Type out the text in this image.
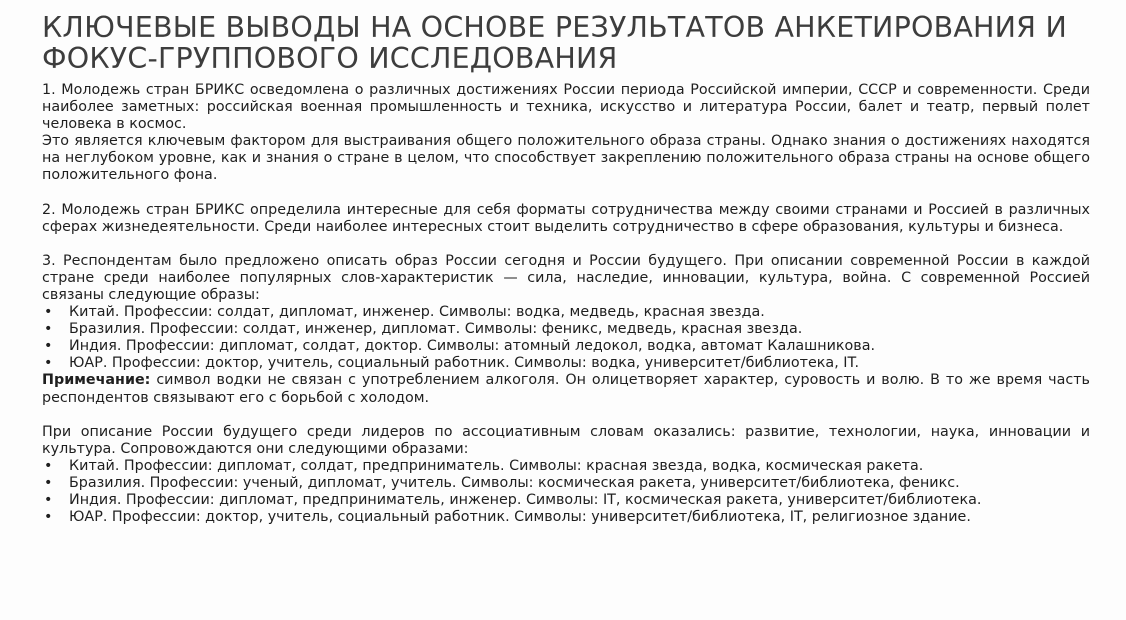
КЛЮЧЕВЫЕ ВЫВОДЫ НА ОСНОВЕ РЕЗУЛЬТАТОВ АНКЕТИРОВАНИЯ И ФОКУС-ГРУППОВОГО ИССЛЕДОВАНИЯ

1. Молодежь стран БРИКС осведомлена о различных достижениях России периода Российской империи, СССР и современности. Среди наиболее заметных: российская военная промышленность и техника, искусство и литература России, балет и театр, первый полет человека в космос.

Это является ключевым фактором для выстраивания общего положительного образа страны. Однако знания о достижениях находятся на неглубоком уровне, как и знания о стране в целом, что способствует закреплению положительного образа страны на основе общего положительного фона.

2. Молодежь стран БРИКС определила интересные для себя форматы сотрудничества между своими странами и Россией в различных сферах жизнедеятельности. Среди наиболее интересных стоит выделить сотрудничество в сфере образования, культуры и бизнеса.

3. Респондентам было предложено описать образ России сегодня и России будущего. При описании современной России в каждой стране среди наиболее популярных слов-характеристик — сила, наследие, инновации, культура, война. С современной Россией связаны следующие образы:

• Китай. Профессии: солдат, дипломат, инженер. Символы: водка, медведь, красная звезда.
• Бразилия. Профессии: солдат, инженер, дипломат. Символы: феникс, медведь, красная звезда.
• Индия. Профессии: дипломат, солдат, доктор. Символы: атомный ледокол, водка, автомат Калашникова.
• ЮАР. Профессии: доктор, учитель, социальный работник. Символы: водка, университет/библиотека, IT.

Примечание: символ водки не связан с употреблением алкоголя. Он олицетворяет характер, суровость и волю. В то же время часть респондентов связывают его с борьбой с холодом.

При описание России будущего среди лидеров по ассоциативным словам оказались: развитие, технологии, наука, инновации и культура. Сопровождаются они следующими образами:

• Китай. Профессии: дипломат, солдат, предприниматель. Символы: красная звезда, водка, космическая ракета.
• Бразилия. Профессии: ученый, дипломат, учитель. Символы: космическая ракета, университет/библиотека, феникс.
• Индия. Профессии: дипломат, предприниматель, инженер. Символы: IT, космическая ракета, университет/библиотека.
• ЮАР. Профессии: доктор, учитель, социальный работник. Символы: университет/библиотека, IT, религиозное здание.
